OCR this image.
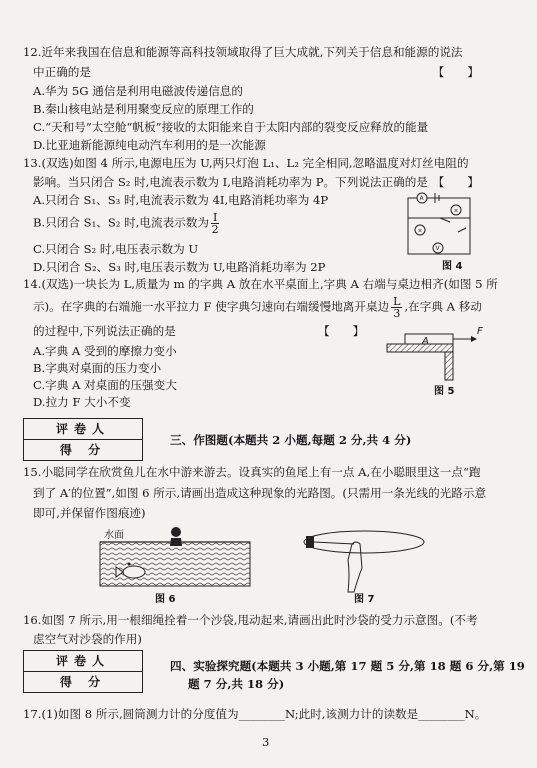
12.近年来我国在信息和能源等高科技领域取得了巨大成就,下列关于信息和能源的说法
中正确的是	【　　】
A.华为 5G 通信是利用电磁波传递信息的
B.秦山核电站是利用聚变反应的原理工作的
C.“天和号”太空舱“帆板”接收的太阳能来自于太阳内部的裂变反应释放的能量
D.比亚迪新能源纯电动汽车利用的是一次能源
13.(双选)如图 4 所示,电源电压为 U,两只灯泡 L₁、L₂ 完全相同,忽略温度对灯丝电阻的
影响。当只闭合 S₂ 时,电流表示数为 I,电路消耗功率为 P。下列说法正确的是 【　　】
A.只闭合 S₁、S₃ 时,电流表示数为 4I,电路消耗功率为 4P
B.只闭合 S₁、S₂ 时,电流表示数为 $\frac{I}{2}$
C.只闭合 S₂ 时,电压表示数为 U
D.只闭合 S₂、S₃ 时,电压表示数为 U,电路消耗功率为 2P
A
×
×
V
图 4
14.(双选)一块长为 L,质量为 m 的字典 A 放在水平桌面上,字典 A 右端与桌边相齐(如图 5 所
示)。在字典的右端施一水平拉力 F 使字典匀速向右端缓慢地离开桌边 $\frac{L}{3}$ ,在字典 A 移动
的过程中,下列说法正确的是	【　　】
A.字典 A 受到的摩擦力变小
B.字典对桌面的压力变小
C.字典 A 对桌面的压强变大
D.拉力 F 大小不变
A
F
图 5
评卷人
得 分
三、作图题(本题共 2 小题,每题 2 分,共 4 分)
15.小聪同学在欣赏鱼儿在水中游来游去。设真实的鱼尾上有一点 A,在小聪眼里这一点“跑
到了 A′的位置”,如图 6 所示,请画出造成这种现象的光路图。(只需用一条光线的光路示意
即可,并保留作图痕迹)
水面
图 6	图 7
16.如图 7 所示,用一根细绳拴着一个沙袋,甩动起来,请画出此时沙袋的受力示意图。(不考
虑空气对沙袋的作用)
评卷人
得 分
四、实验探究题(本题共 3 小题,第 17 题 5 分,第 18 题 6 分,第 19
题 7 分,共 18 分)
17.(1)如图 8 所示,圆筒测力计的分度值为________N;此时,该测力计的读数是________N。
3
